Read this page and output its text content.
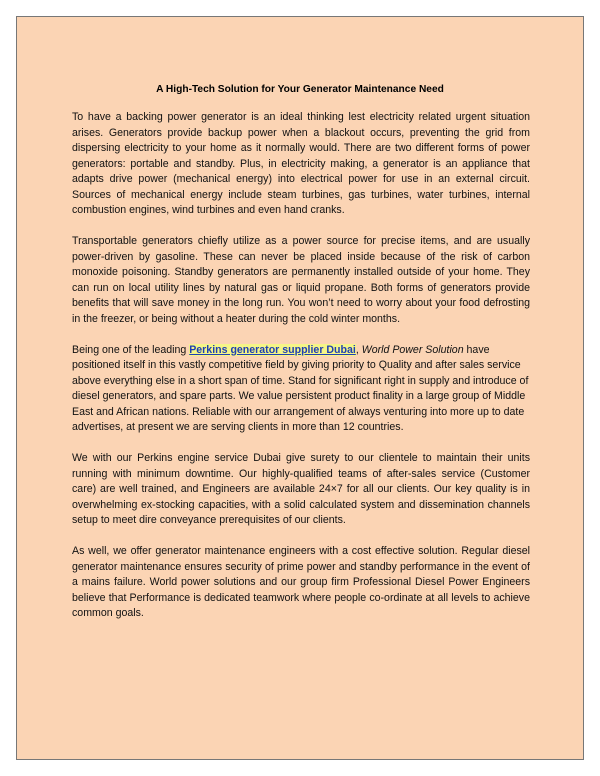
A High-Tech Solution for Your Generator Maintenance Need

To have a backing power generator is an ideal thinking lest electricity related urgent situation arises. Generators provide backup power when a blackout occurs, preventing the grid from dispersing electricity to your home as it normally would. There are two different forms of power generators: portable and standby. Plus, in electricity making, a generator is an appliance that adapts drive power (mechanical energy) into electrical power for use in an external circuit. Sources of mechanical energy include steam turbines, gas turbines, water turbines, internal combustion engines, wind turbines and even hand cranks.

Transportable generators chiefly utilize as a power source for precise items, and are usually power-driven by gasoline. These can never be placed inside because of the risk of carbon monoxide poisoning. Standby generators are permanently installed outside of your home. They can run on local utility lines by natural gas or liquid propane. Both forms of generators provide benefits that will save money in the long run. You won’t need to worry about your food defrosting in the freezer, or being without a heater during the cold winter months.

Being one of the leading Perkins generator supplier Dubai, World Power Solution have positioned itself in this vastly competitive field by giving priority to Quality and after sales service above everything else in a short span of time. Stand for significant right in supply and introduce of diesel generators, and spare parts. We value persistent product finality in a large group of Middle East and African nations. Reliable with our arrangement of always venturing into more up to date advertises, at present we are serving clients in more than 12 countries.

We with our Perkins engine service Dubai give surety to our clientele to maintain their units running with minimum downtime. Our highly-qualified teams of after-sales service (Customer care) are well trained, and Engineers are available 24×7 for all our clients. Our key quality is in overwhelming ex-stocking capacities, with a solid calculated system and dissemination channels setup to meet dire conveyance prerequisites of our clients.

As well, we offer generator maintenance engineers with a cost effective solution. Regular diesel generator maintenance ensures security of prime power and standby performance in the event of a mains failure. World power solutions and our group firm Professional Diesel Power Engineers believe that Performance is dedicated teamwork where people co-ordinate at all levels to achieve common goals.
